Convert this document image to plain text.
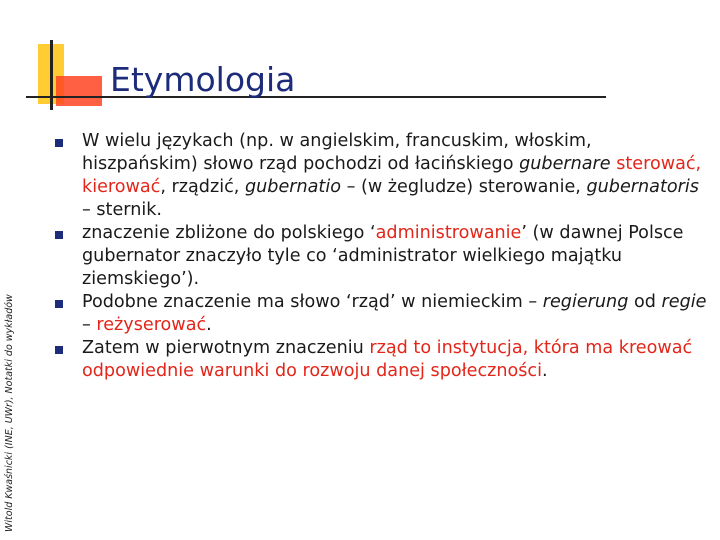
Etymologia
Witold Kwaśnicki (INE, UWr), Notatki do wykładów
W wielu językach (np. w angielskim, francuskim, włoskim, hiszpańskim) słowo rząd pochodzi od łacińskiego gubernare sterować, kierować, rządzić, gubernatio – (w żegludze) sterowanie, gubernatoris – sternik.
znaczenie zbliżone do polskiego ‘administrowanie’ (w dawnej Polsce gubernator znaczyło tyle co ‘administrator wielkiego majątku ziemskiego’).
Podobne znaczenie ma słowo ‘rząd’ w niemieckim – regierung od regie – reżyserować.
Zatem w pierwotnym znaczeniu rząd to instytucja, która ma kreować odpowiednie warunki do rozwoju danej społeczności.
